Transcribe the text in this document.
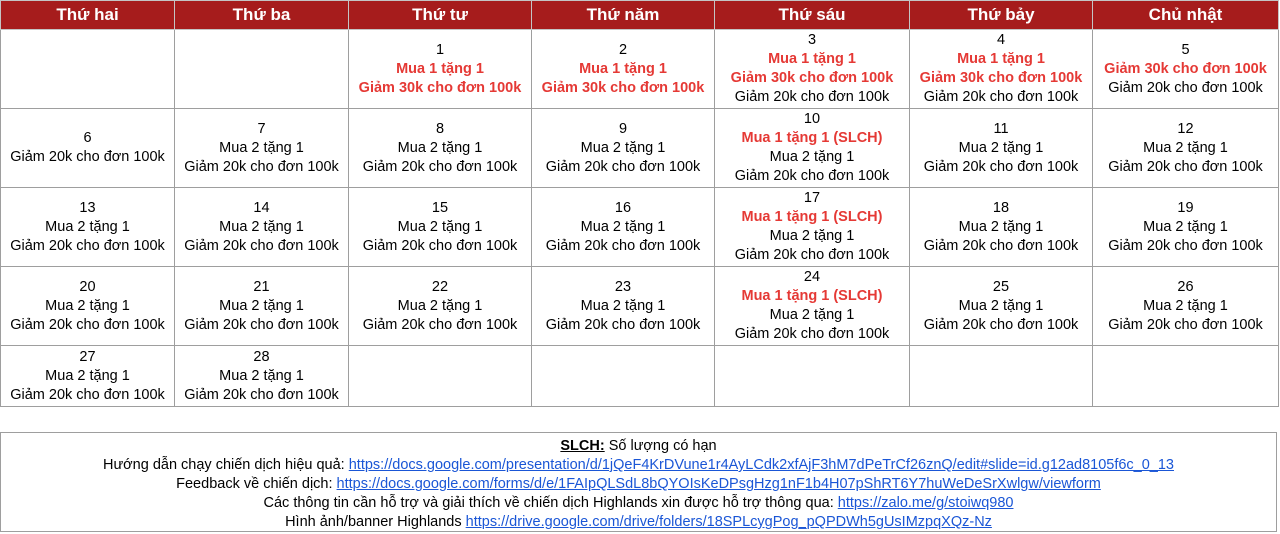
Thứ hai	Thứ ba	Thứ tư	Thứ năm	Thứ sáu	Thứ bảy	Chủ nhật

		1
Mua 1 tặng 1
Giảm 30k cho đơn 100k	2
Mua 1 tặng 1
Giảm 30k cho đơn 100k	3
Mua 1 tặng 1
Giảm 30k cho đơn 100k
Giảm 20k cho đơn 100k	4
Mua 1 tặng 1
Giảm 30k cho đơn 100k
Giảm 20k cho đơn 100k	5
Giảm 30k cho đơn 100k
Giảm 20k cho đơn 100k

6
Giảm 20k cho đơn 100k	7
Mua 2 tặng 1
Giảm 20k cho đơn 100k	8
Mua 2 tặng 1
Giảm 20k cho đơn 100k	9
Mua 2 tặng 1
Giảm 20k cho đơn 100k	10
Mua 1 tặng 1 (SLCH)
Mua 2 tặng 1
Giảm 20k cho đơn 100k	11
Mua 2 tặng 1
Giảm 20k cho đơn 100k	12
Mua 2 tặng 1
Giảm 20k cho đơn 100k

13
Mua 2 tặng 1
Giảm 20k cho đơn 100k	14
Mua 2 tặng 1
Giảm 20k cho đơn 100k	15
Mua 2 tặng 1
Giảm 20k cho đơn 100k	16
Mua 2 tặng 1
Giảm 20k cho đơn 100k	17
Mua 1 tặng 1 (SLCH)
Mua 2 tặng 1
Giảm 20k cho đơn 100k	18
Mua 2 tặng 1
Giảm 20k cho đơn 100k	19
Mua 2 tặng 1
Giảm 20k cho đơn 100k

20
Mua 2 tặng 1
Giảm 20k cho đơn 100k	21
Mua 2 tặng 1
Giảm 20k cho đơn 100k	22
Mua 2 tặng 1
Giảm 20k cho đơn 100k	23
Mua 2 tặng 1
Giảm 20k cho đơn 100k	24
Mua 1 tặng 1 (SLCH)
Mua 2 tặng 1
Giảm 20k cho đơn 100k	25
Mua 2 tặng 1
Giảm 20k cho đơn 100k	26
Mua 2 tặng 1
Giảm 20k cho đơn 100k

27
Mua 2 tặng 1
Giảm 20k cho đơn 100k	28
Mua 2 tặng 1
Giảm 20k cho đơn 100k					

SLCH: Số lượng có hạn
Hướng dẫn chạy chiến dịch hiệu quả: https://docs.google.com/presentation/d/1jQeF4KrDVune1r4AyLCdk2xfAjF3hM7dPeTrCf26znQ/edit#slide=id.g12ad8105f6c_0_13
Feedback về chiến dịch: https://docs.google.com/forms/d/e/1FAIpQLSdL8bQYOIsKeDPsgHzg1nF1b4H07pShRT6Y7huWeDeSrXwlgw/viewform
Các thông tin cần hỗ trợ và giải thích về chiến dịch Highlands xin được hỗ trợ thông qua: https://zalo.me/g/stoiwq980
Hình ảnh/banner Highlands https://drive.google.com/drive/folders/18SPLcygPog_pQPDWh5gUsIMzpqXQz-Nz
